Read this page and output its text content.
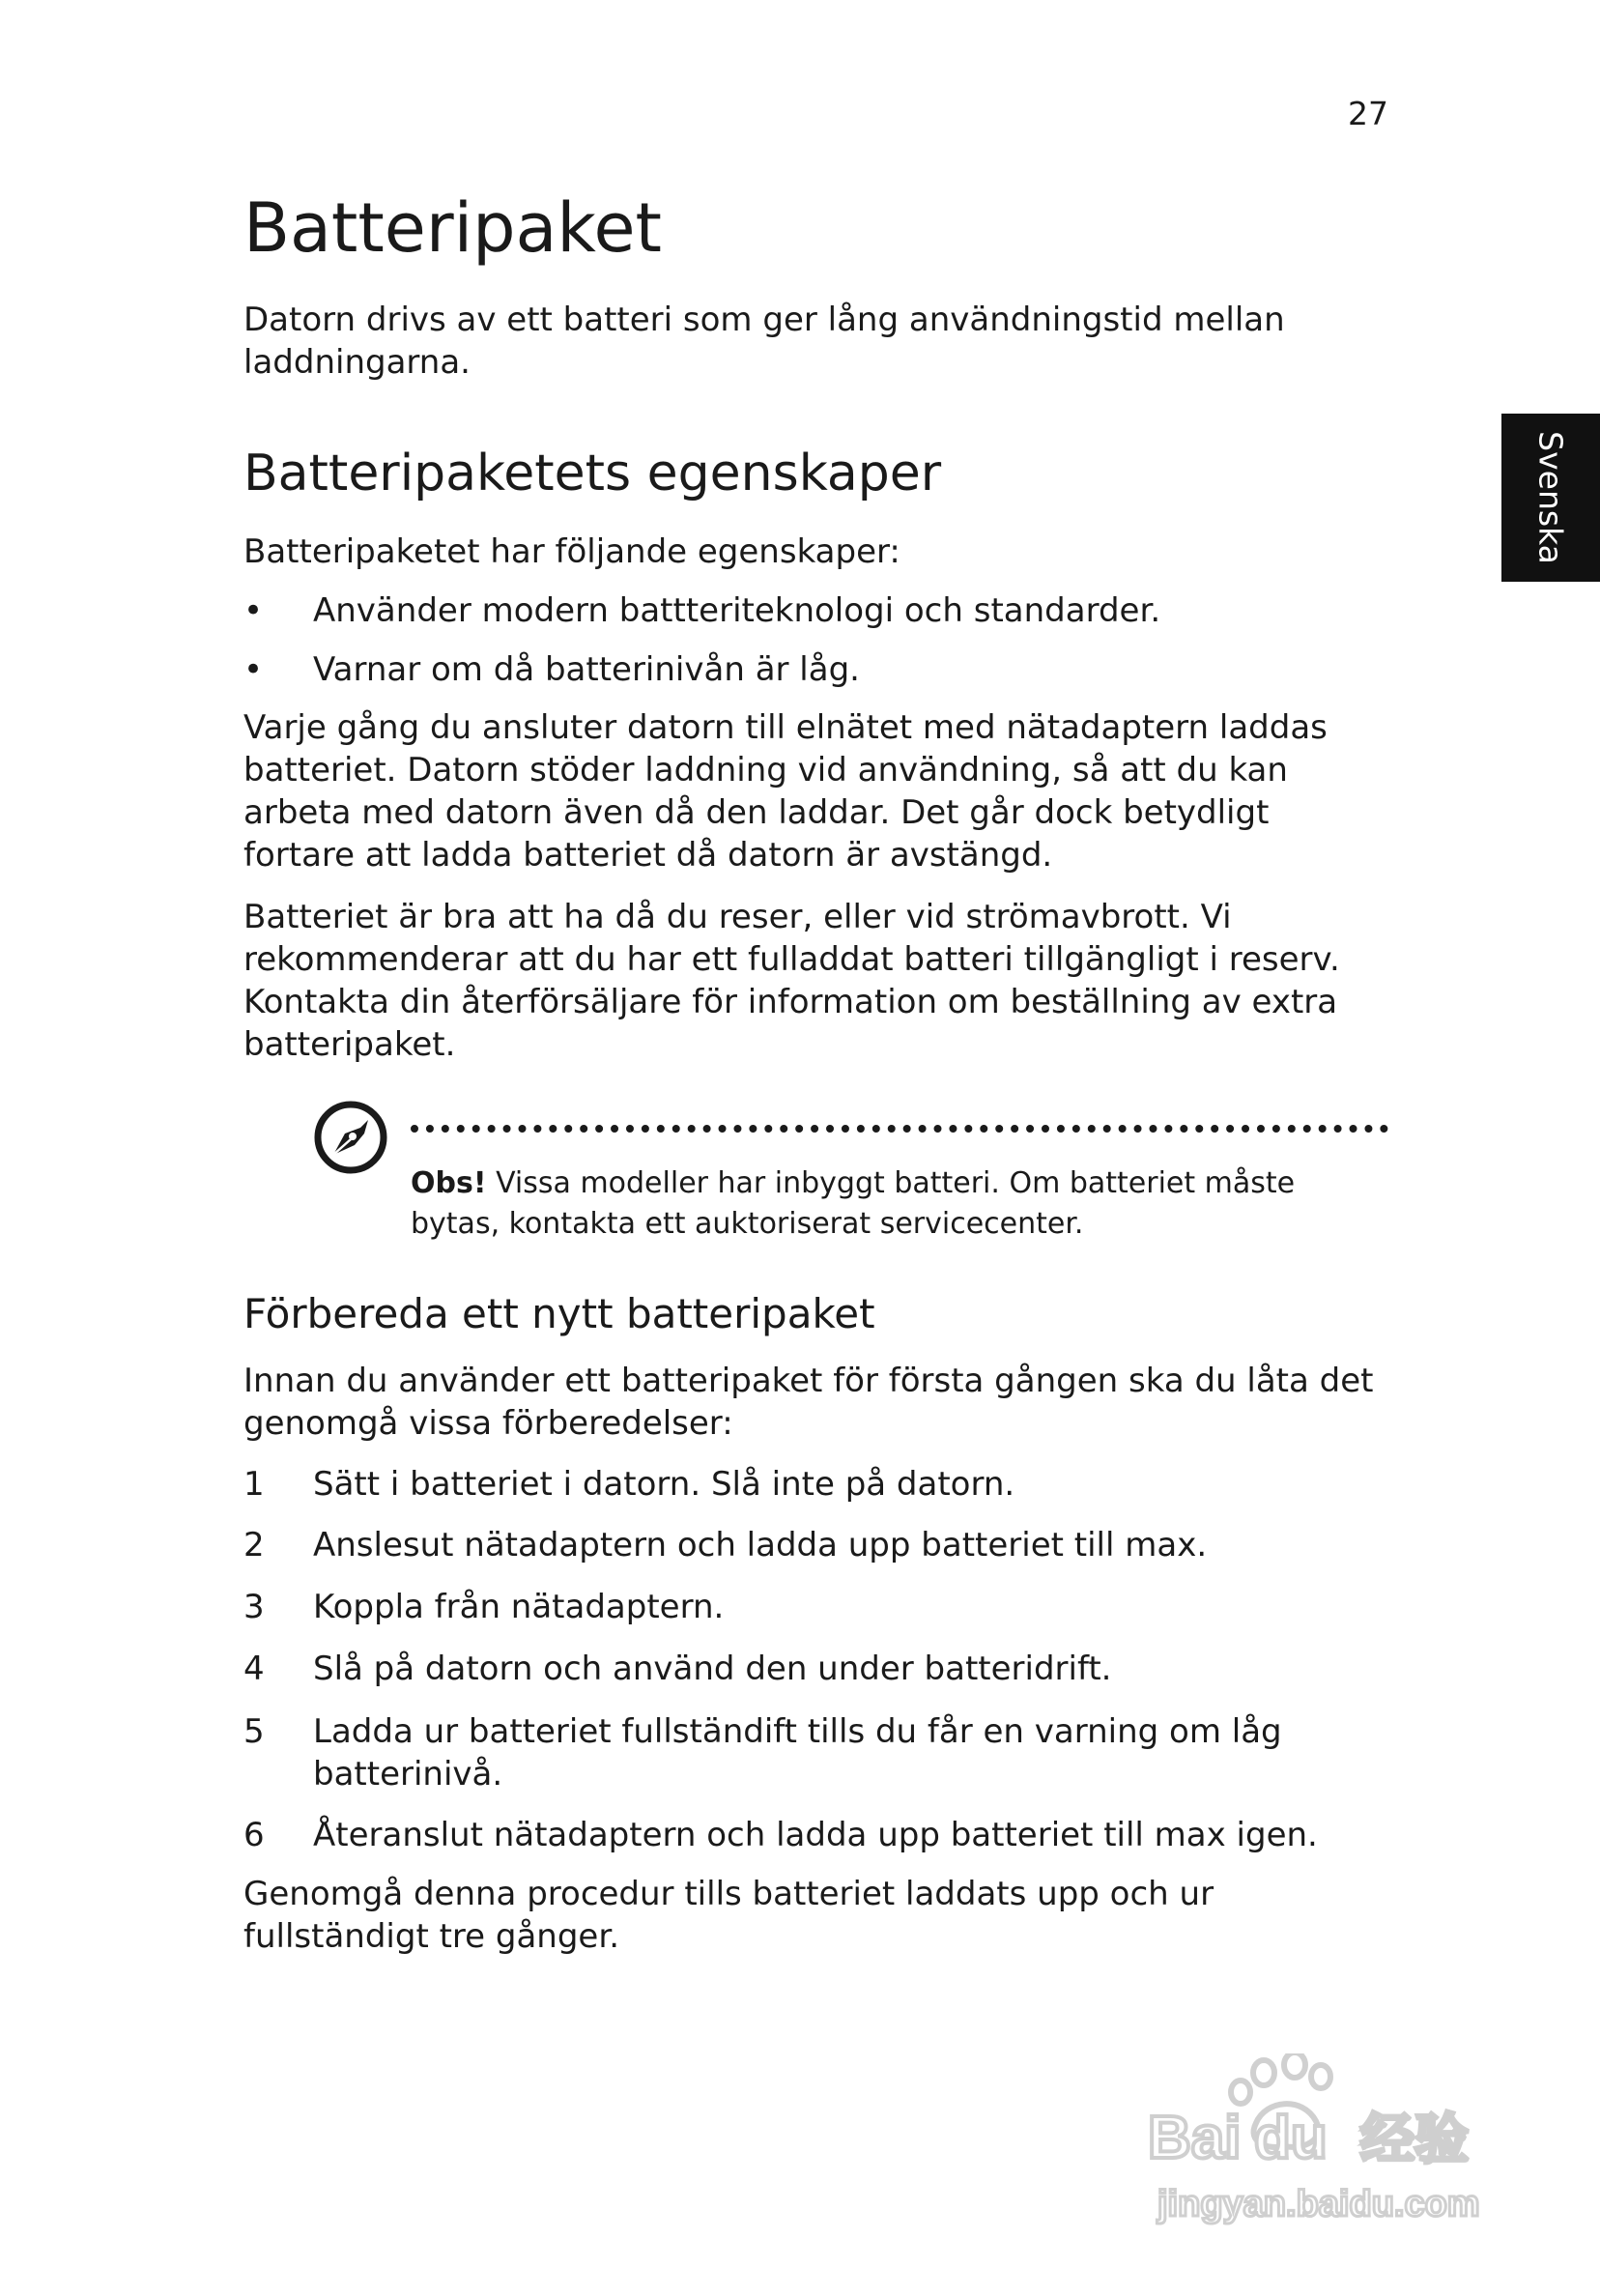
27
Svenska
Batteripaket

Datorn drivs av ett batteri som ger lång användningstid mellan laddningarna.

Batteripaketets egenskaper

Batteripaketet har följande egenskaper:

• Använder modern battteriteknologi och standarder.
• Varnar om då batterinivån är låg.

Varje gång du ansluter datorn till elnätet med nätadaptern laddas batteriet. Datorn stöder laddning vid användning, så att du kan arbeta med datorn även då den laddar. Det går dock betydligt fortare att ladda batteriet då datorn är avstängd.

Batteriet är bra att ha då du reser, eller vid strömavbrott. Vi rekommenderar att du har ett fulladdat batteri tillgängligt i reserv. Kontakta din återförsäljare för information om beställning av extra batteripaket.

Obs! Vissa modeller har inbyggt batteri. Om batteriet måste bytas, kontakta ett auktoriserat servicecenter.
Förbereda ett nytt batteripaket

Innan du använder ett batteripaket för första gången ska du låta det genomgå vissa förberedelser:

1 Sätt i batteriet i datorn. Slå inte på datorn.
2 Anslesut nätadaptern och ladda upp batteriet till max.
3 Koppla från nätadaptern.
4 Slå på datorn och använd den under batteridrift.
5 Ladda ur batteriet fullständift tills du får en varning om låg batterinivå.
6 Återanslut nätadaptern och ladda upp batteriet till max igen.

Genomgå denna procedur tills batteriet laddats upp och ur fullständigt tre gånger.

Bai du 经验
jingyan.baidu.com
